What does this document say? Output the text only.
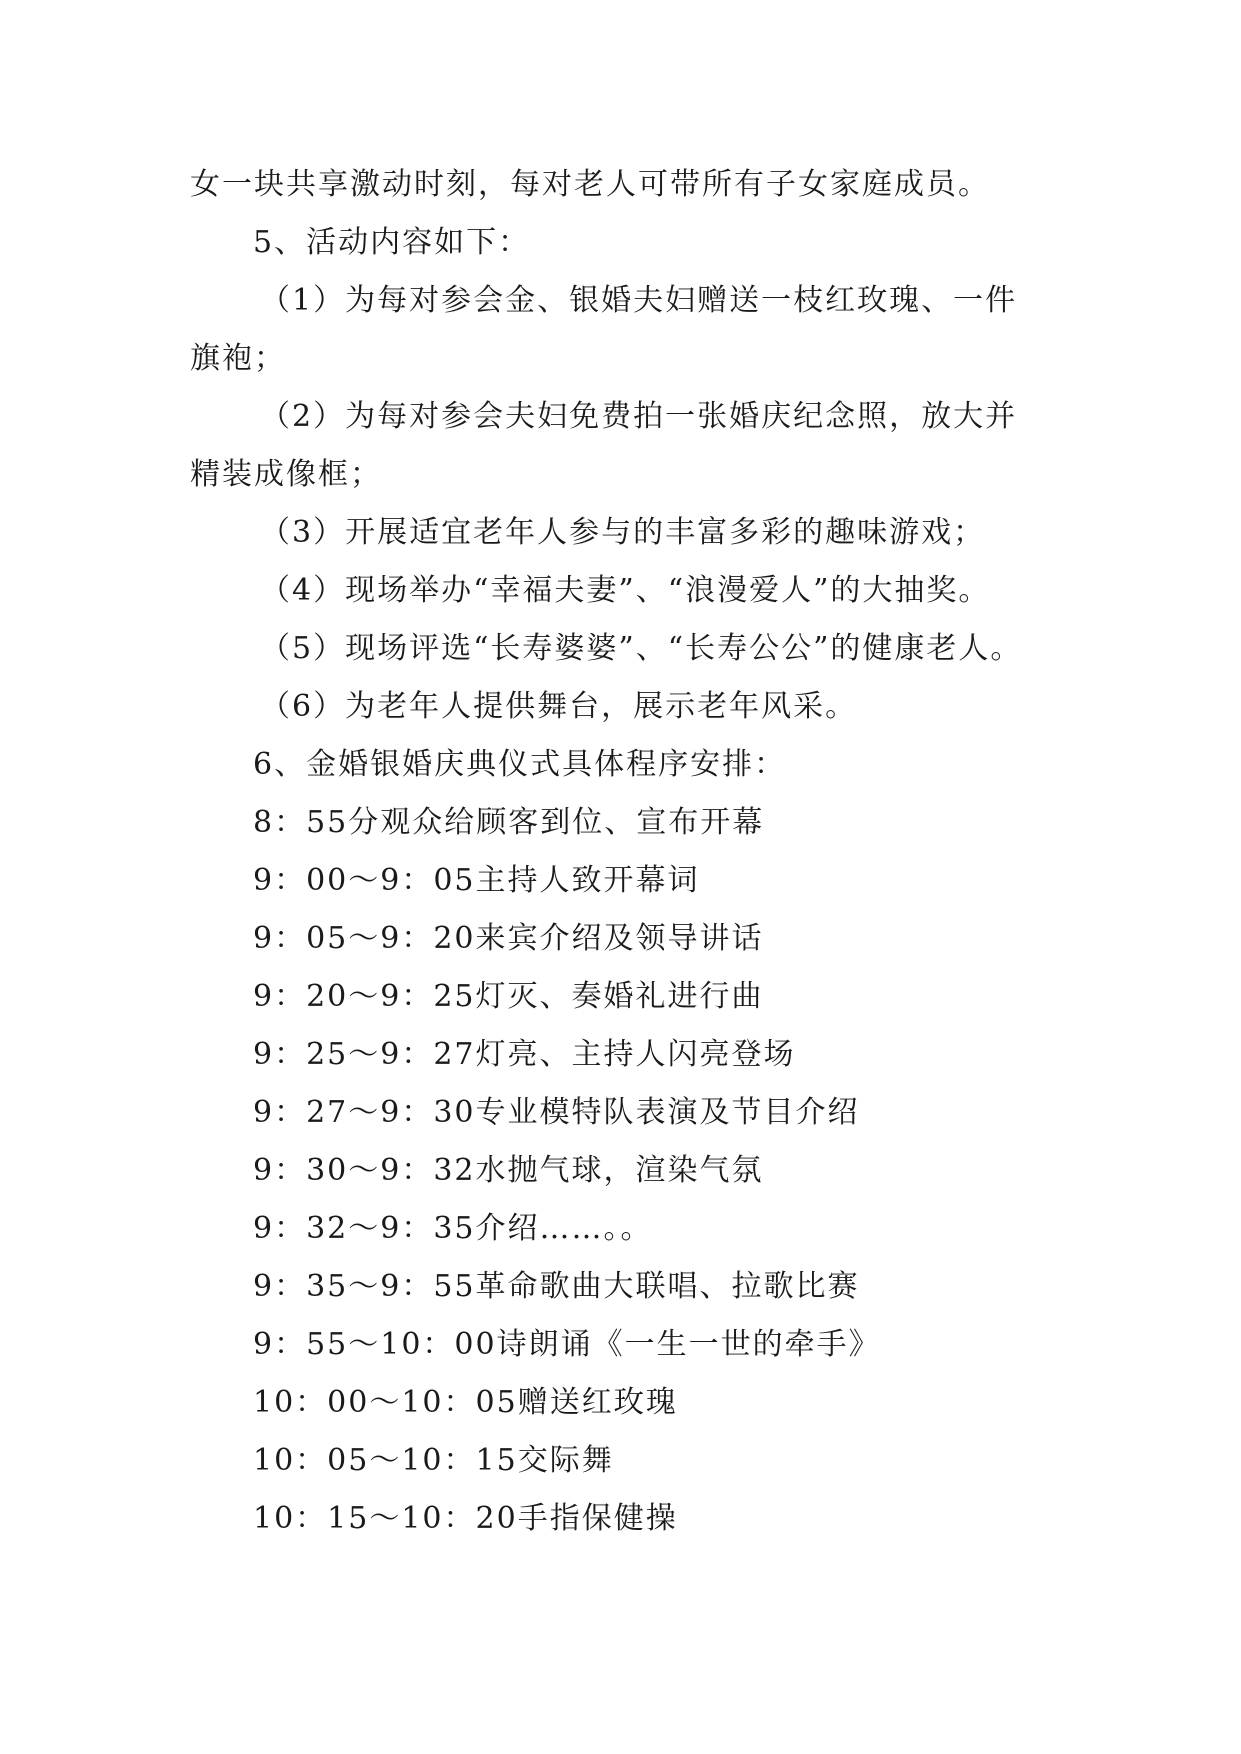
女一块共享激动时刻，每对老人可带所有子女家庭成员。
5、活动内容如下：
（1）为每对参会金、银婚夫妇赠送一枝红玫瑰、一件
旗袍；
（2）为每对参会夫妇免费拍一张婚庆纪念照，放大并
精装成像框；
（3）开展适宜老年人参与的丰富多彩的趣味游戏；
（4）现场举办“幸福夫妻”、“浪漫爱人”的大抽奖。
（5）现场评选“长寿婆婆”、“长寿公公”的健康老人。
（6）为老年人提供舞台，展示老年风采。
6、金婚银婚庆典仪式具体程序安排：
8：55分观众给顾客到位、宣布开幕
9：00～9：05主持人致开幕词
9：05～9：20来宾介绍及领导讲话
9：20～9：25灯灭、奏婚礼进行曲
9：25～9：27灯亮、主持人闪亮登场
9：27～9：30专业模特队表演及节目介绍
9：30～9：32水抛气球，渲染气氛
9：32～9：35介绍……。。
9：35～9：55革命歌曲大联唱、拉歌比赛
9：55～10：00诗朗诵《一生一世的牵手》
10：00～10：05赠送红玫瑰
10：05～10：15交际舞
10：15～10：20手指保健操
